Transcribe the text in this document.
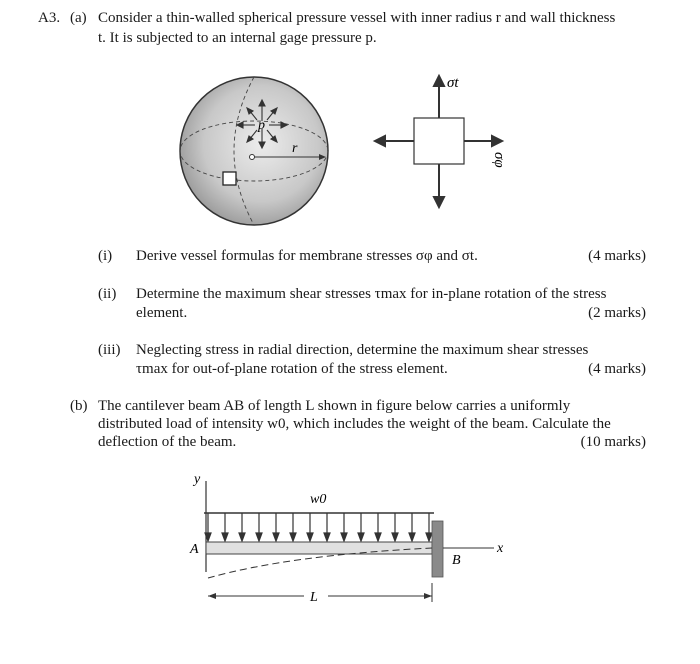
A3. (a) Consider a thin-walled spherical pressure vessel with inner radius r and wall thickness
t. It is subjected to an internal gage pressure p.
p
r
σt
σφ
(i) Derive vessel formulas for membrane stresses σφ and σt.	(4 marks)
(ii) Determine the maximum shear stresses τmax for in-plane rotation of the stress
element.	(2 marks)
(iii) Neglecting stress in radial direction, determine the maximum shear stresses
τmax for out-of-plane rotation of the stress element.	(4 marks)
(b) The cantilever beam AB of length L shown in figure below carries a uniformly
distributed load of intensity w0, which includes the weight of the beam. Calculate the
deflection of the beam.	(10 marks)
y
w0
x
A
B
L
